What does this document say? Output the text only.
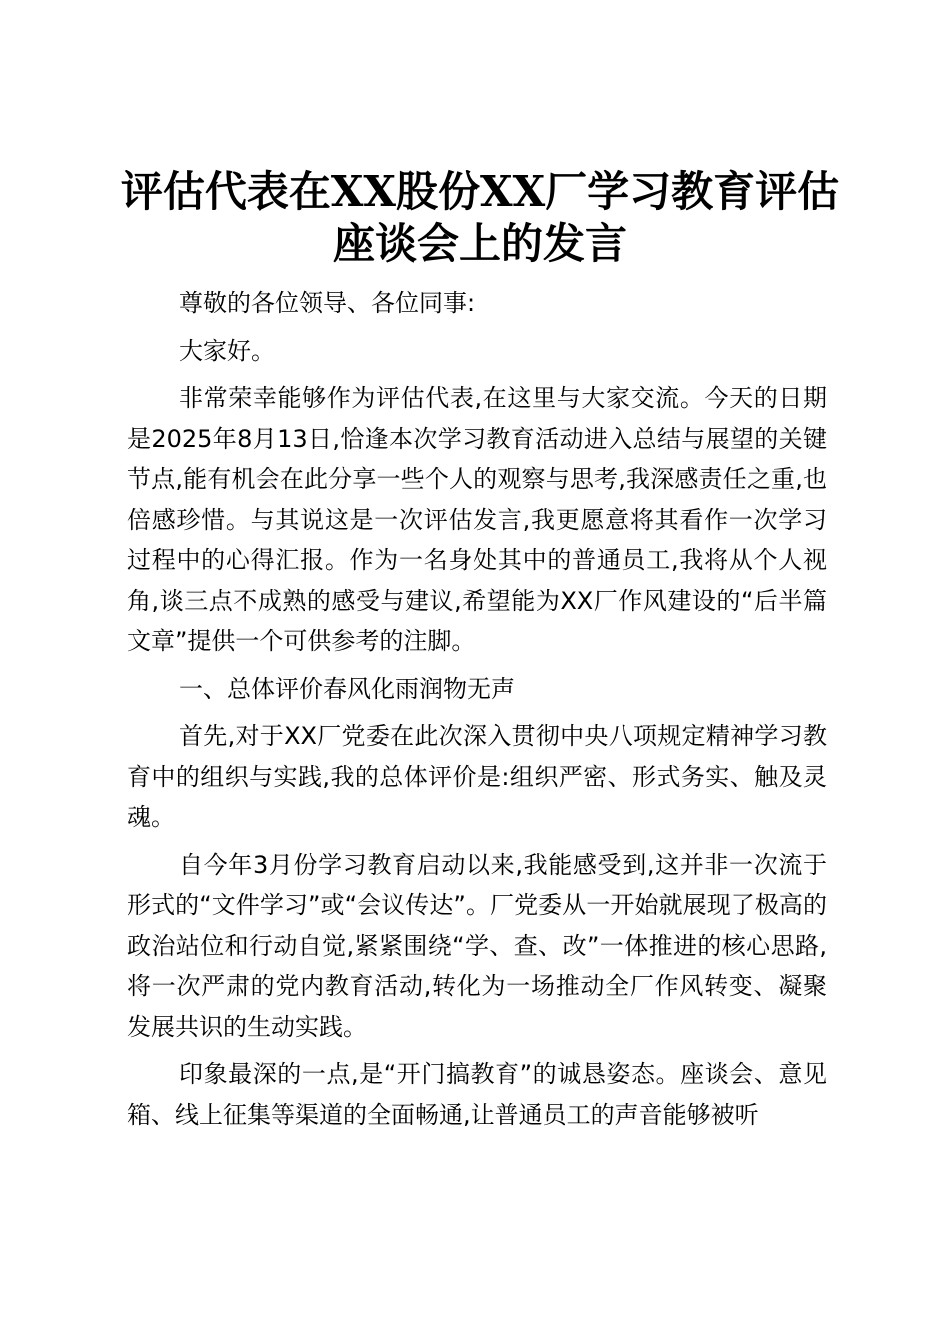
评估代表在XX股份XX厂学习教育评估
座谈会上的发言

尊敬的各位领导、各位同事:

大家好。

非常荣幸能够作为评估代表,在这里与大家交流。今天的日期是2025年8月13日,恰逢本次学习教育活动进入总结与展望的关键节点,能有机会在此分享一些个人的观察与思考,我深感责任之重,也倍感珍惜。与其说这是一次评估发言,我更愿意将其看作一次学习过程中的心得汇报。作为一名身处其中的普通员工,我将从个人视角,谈三点不成熟的感受与建议,希望能为XX厂作风建设的“后半篇文章”提供一个可供参考的注脚。

一、总体评价春风化雨润物无声

首先,对于XX厂党委在此次深入贯彻中央八项规定精神学习教育中的组织与实践,我的总体评价是:组织严密、形式务实、触及灵魂。

自今年3月份学习教育启动以来,我能感受到,这并非一次流于形式的“文件学习”或“会议传达”。厂党委从一开始就展现了极高的政治站位和行动自觉,紧紧围绕“学、查、改”一体推进的核心思路,将一次严肃的党内教育活动,转化为一场推动全厂作风转变、凝聚发展共识的生动实践。

印象最深的一点,是“开门搞教育”的诚恳姿态。座谈会、意见箱、线上征集等渠道的全面畅通,让普通员工的声音能够被听
